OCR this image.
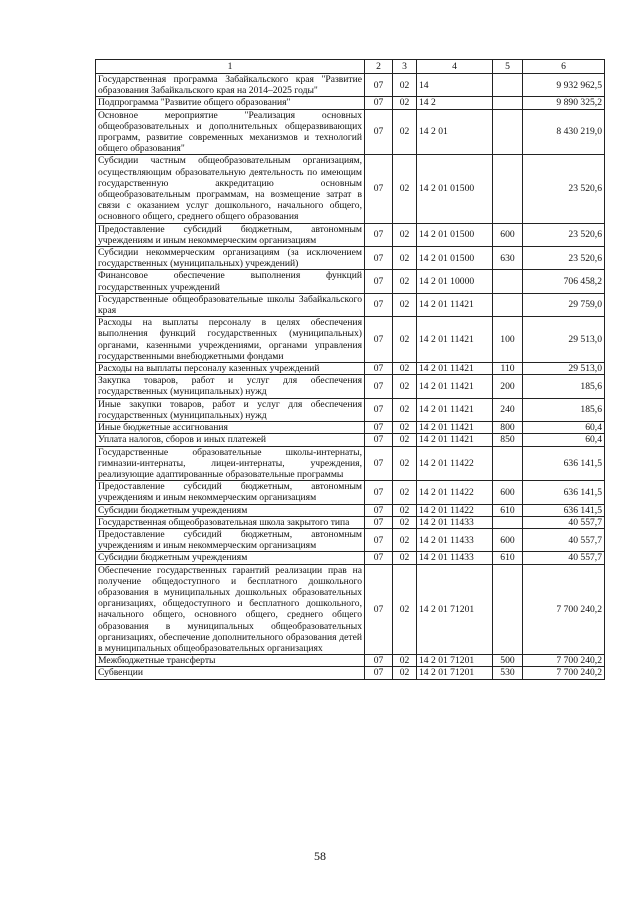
1	2	3	4	5	6
Государственная программа Забайкальского края "Развитие образования Забайкальского края на 2014–2025 годы"	07	02	14		9 932 962,5
Подпрограмма "Развитие общего образования"	07	02	14 2		9 890 325,2
Основное мероприятие "Реализация основных общеобразовательных и дополнительных общеразвивающих программ, развитие современных механизмов и технологий общего образования"	07	02	14 2 01		8 430 219,0
Субсидии частным общеобразовательным организациям, осуществляющим образовательную деятельность по имеющим государственную аккредитацию основным общеобразовательным программам, на возмещение затрат в связи с оказанием услуг дошкольного, начального общего, основного общего, среднего общего образования	07	02	14 2 01 01500		23 520,6
Предоставление субсидий бюджетным, автономным учреждениям и иным некоммерческим организациям	07	02	14 2 01 01500	600	23 520,6
Субсидии некоммерческим организациям (за исключением государственных (муниципальных) учреждений)	07	02	14 2 01 01500	630	23 520,6
Финансовое обеспечение выполнения функций государственных учреждений	07	02	14 2 01 10000		706 458,2
Государственные общеобразовательные школы Забайкальского края	07	02	14 2 01 11421		29 759,0
Расходы на выплаты персоналу в целях обеспечения выполнения функций государственных (муниципальных) органами, казенными учреждениями, органами управления государственными внебюджетными фондами	07	02	14 2 01 11421	100	29 513,0
Расходы на выплаты персоналу казенных учреждений	07	02	14 2 01 11421	110	29 513,0
Закупка товаров, работ и услуг для обеспечения государственных (муниципальных) нужд	07	02	14 2 01 11421	200	185,6
Иные закупки товаров, работ и услуг для обеспечения государственных (муниципальных) нужд	07	02	14 2 01 11421	240	185,6
Иные бюджетные ассигнования	07	02	14 2 01 11421	800	60,4
Уплата налогов, сборов и иных платежей	07	02	14 2 01 11421	850	60,4
Государственные образовательные школы-интернаты, гимназии-интернаты, лицеи-интернаты, учреждения, реализующие адаптированные образовательные программы	07	02	14 2 01 11422		636 141,5
Предоставление субсидий бюджетным, автономным учреждениям и иным некоммерческим организациям	07	02	14 2 01 11422	600	636 141,5
Субсидии бюджетным учреждениям	07	02	14 2 01 11422	610	636 141,5
Государственная общеобразовательная школа закрытого типа	07	02	14 2 01 11433		40 557,7
Предоставление субсидий бюджетным, автономным учреждениям и иным некоммерческим организациям	07	02	14 2 01 11433	600	40 557,7
Субсидии бюджетным учреждениям	07	02	14 2 01 11433	610	40 557,7
Обеспечение государственных гарантий реализации прав на получение общедоступного и бесплатного дошкольного образования в муниципальных дошкольных образовательных организациях, общедоступного и бесплатного дошкольного, начального общего, основного общего, среднего общего образования в муниципальных общеобразовательных организациях, обеспечение дополнительного образования детей в муниципальных общеобразовательных организациях	07	02	14 2 01 71201		7 700 240,2
Межбюджетные трансферты	07	02	14 2 01 71201	500	7 700 240,2
Субвенции	07	02	14 2 01 71201	530	7 700 240,2
58
